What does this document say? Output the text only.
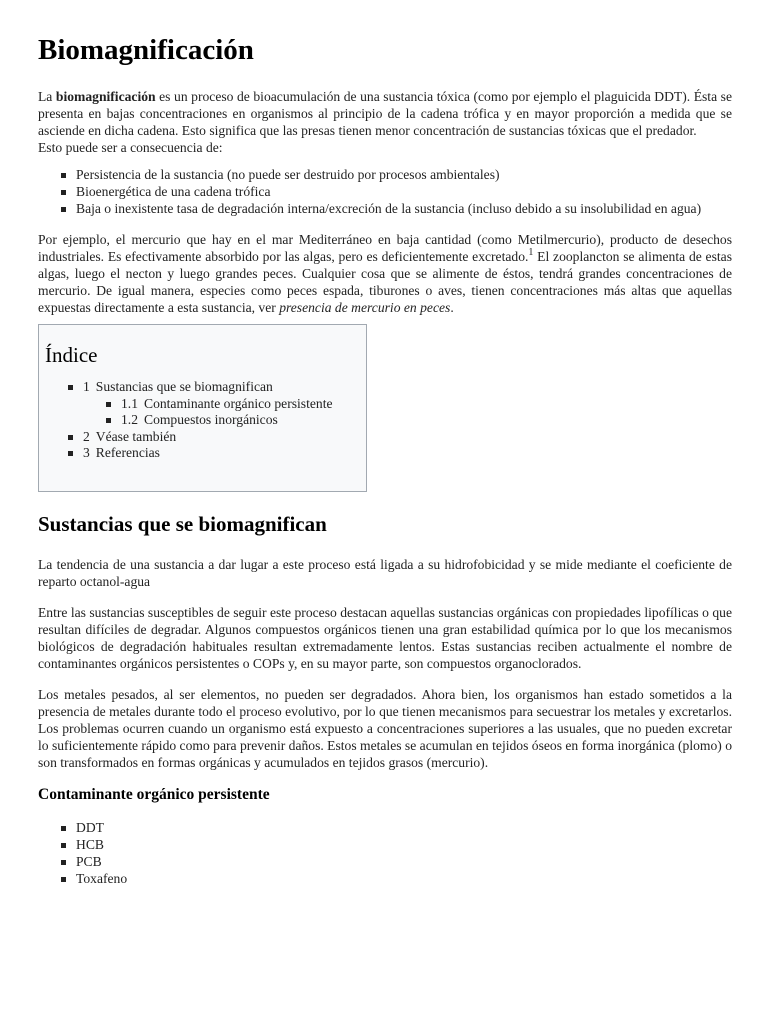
Biomagnificación

La biomagnificación es un proceso de bioacumulación de una sustancia tóxica (como por ejemplo el plaguicida DDT). Ésta se presenta en bajas concentraciones en organismos al principio de la cadena trófica y en mayor proporción a medida que se asciende en dicha cadena. Esto significa que las presas tienen menor concentración de sustancias tóxicas que el predador.

Esto puede ser a consecuencia de:

Persistencia de la sustancia (no puede ser destruido por procesos ambientales)
Bioenergética de una cadena trófica
Baja o inexistente tasa de degradación interna/excreción de la sustancia (incluso debido a su insolubilidad en agua)

Por ejemplo, el mercurio que hay en el mar Mediterráneo en baja cantidad (como Metilmercurio), producto de desechos industriales. Es efectivamente absorbido por las algas, pero es deficientemente excretado.$^1$ El zooplancton se alimenta de estas algas, luego el necton y luego grandes peces. Cualquier cosa que se alimente de éstos, tendrá grandes concentraciones de mercurio. De igual manera, especies como peces espada, tiburones o aves, tienen concentraciones más altas que aquellas expuestas directamente a esta sustancia, ver presencia de mercurio en peces.

Índice
1 Sustancias que se biomagnifican
1.1 Contaminante orgánico persistente
1.2 Compuestos inorgánicos
2 Véase también
3 Referencias
Sustancias que se biomagnifican

La tendencia de una sustancia a dar lugar a este proceso está ligada a su hidrofobicidad y se mide mediante el coeficiente de reparto octanol-agua

Entre las sustancias susceptibles de seguir este proceso destacan aquellas sustancias orgánicas con propiedades lipofílicas o que resultan difíciles de degradar. Algunos compuestos orgánicos tienen una gran estabilidad química por lo que los mecanismos biológicos de degradación habituales resultan extremadamente lentos. Estas sustancias reciben actualmente el nombre de contaminantes orgánicos persistentes o COPs y, en su mayor parte, son compuestos organoclorados.

Los metales pesados, al ser elementos, no pueden ser degradados. Ahora bien, los organismos han estado sometidos a la presencia de metales durante todo el proceso evolutivo, por lo que tienen mecanismos para secuestrar los metales y excretarlos. Los problemas ocurren cuando un organismo está expuesto a concentraciones superiores a las usuales, que no pueden excretar lo suficientemente rápido como para prevenir daños. Estos metales se acumulan en tejidos óseos en forma inorgánica (plomo) o son transformados en formas orgánicas y acumulados en tejidos grasos (mercurio).

Contaminante orgánico persistente
DDT
HCB
PCB
Toxafeno
